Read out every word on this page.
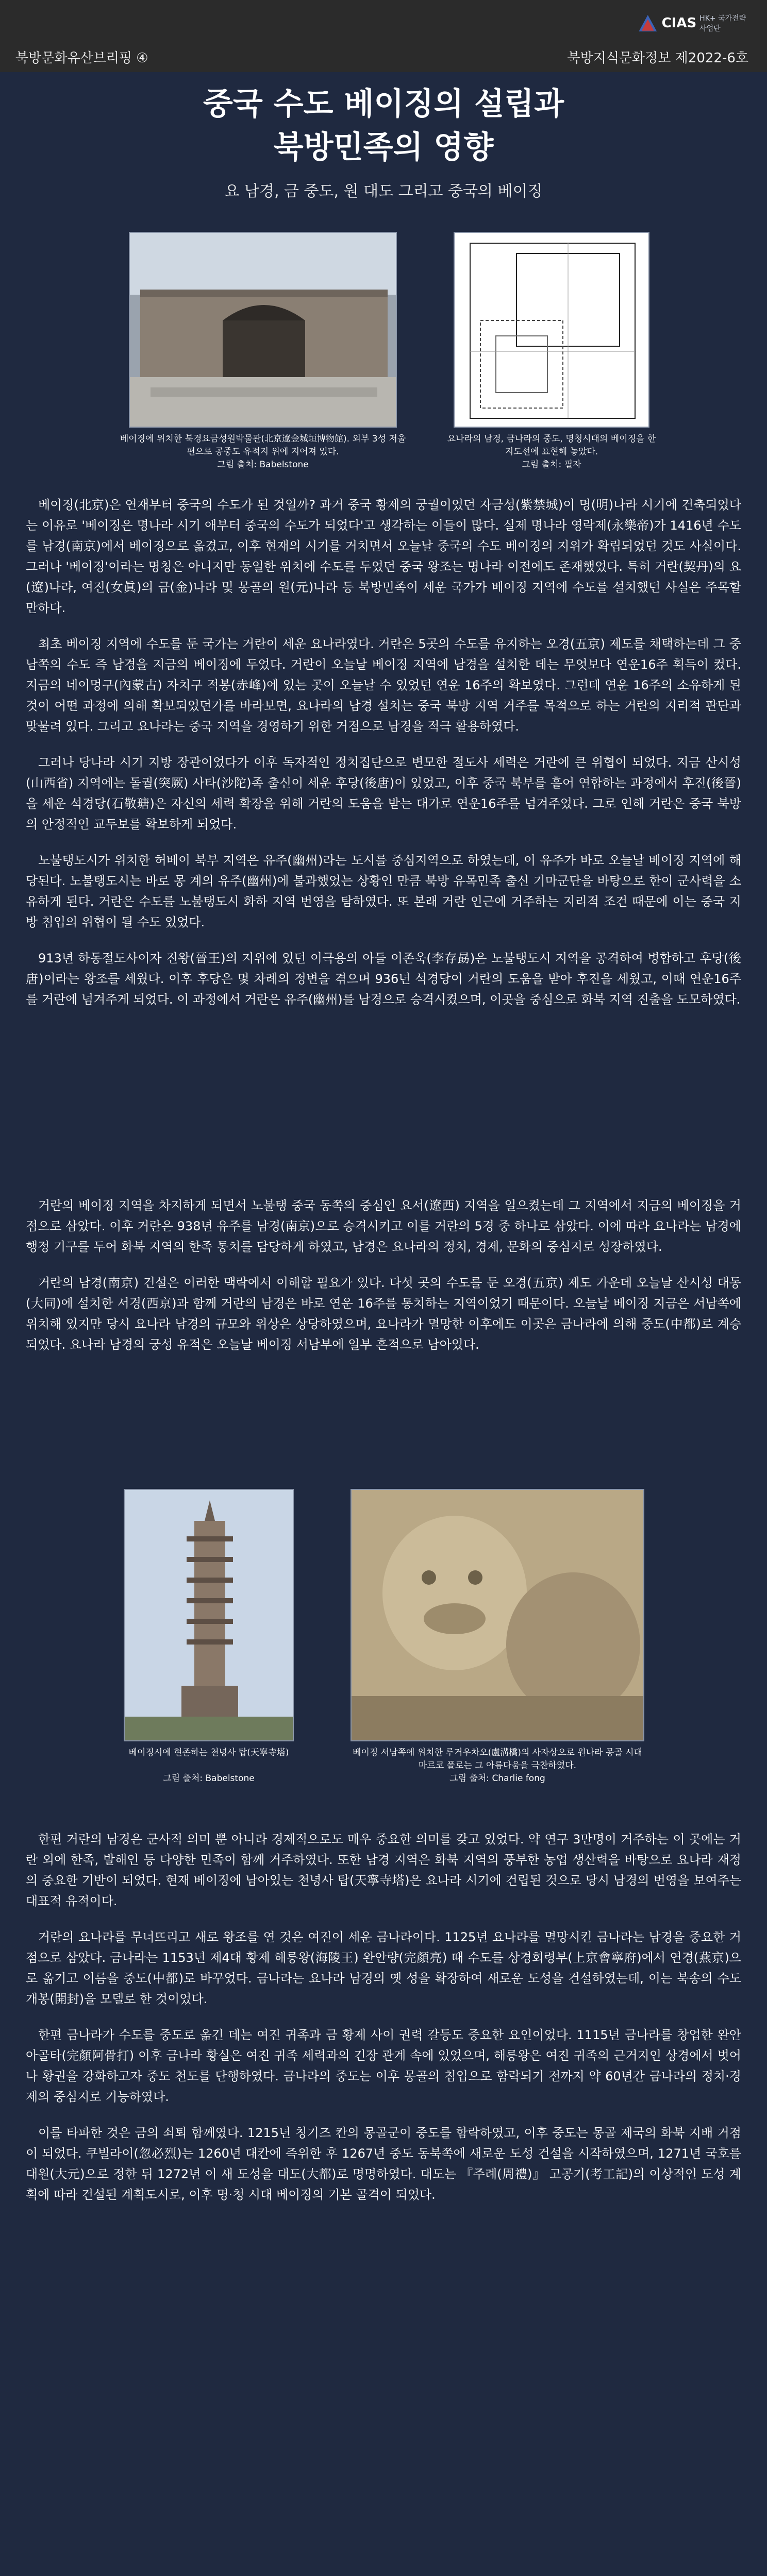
CIAS HK+ 국가전략사업단
북방문화유산브리핑 ④	북방지식문화정보 제2022-6호
중국 수도 베이징의 설립과
북방민족의 영향
요 남경, 금 중도, 원 대도 그리고 중국의 베이징
베이징에 위치한 북경요금성원박물관(北京遼金城垣博物館). 외부 3성 저울편으로 공중도 유적지 위에 지어져 있다.
그림 출처: Babelstone
요나라의 남경, 금나라의 중도, 명청시대의 베이징을 한 지도선에 표현해 놓았다.
그림 출처: 필자

베이징(北京)은 연재부터 중국의 수도가 된 것일까? 과거 중국 황제의 궁궐이었던 자금성(紫禁城)이 명(明)나라 시기에 건축되었다는 이유로 '베이징은 명나라 시기 애부터 중국의 수도가 되었다'고 생각하는 이들이 많다. 실제 명나라 영락제(永樂帝)가 1416년 수도를 남경(南京)에서 베이징으로 옮겼고, 이후 현재의 시기를 거치면서 오늘날 중국의 수도 베이징의 지위가 확립되었던 것도 사실이다. 그러나 '베이징'이라는 명칭은 아니지만 동일한 위치에 수도를 두었던 중국 왕조는 명나라 이전에도 존재했었다. 특히 거란(契丹)의 요(遼)나라, 여진(女眞)의 금(金)나라 및 몽골의 원(元)나라 등 북방민족이 세운 국가가 베이징 지역에 수도를 설치했던 사실은 주목할 만하다.

최초 베이징 지역에 수도를 둔 국가는 거란이 세운 요나라였다. 거란은 5곳의 수도를 유지하는 오경(五京) 제도를 채택하는데 그 중 남쪽의 수도 즉 남경을 지금의 베이징에 두었다. 거란이 오늘날 베이징 지역에 남경을 설치한 데는 무엇보다 연운16주 획득이 컸다. 지금의 네이멍구(內蒙古) 자치구 적봉(赤峰)에 있는 곳이 오늘날 수 있었던 연운 16주의 확보였다. 그런데 연운 16주의 소유하게 된 것이 어떤 과정에 의해 확보되었던가를 바라보면, 요나라의 남경 설치는 중국 북방 지역 거주를 목적으로 하는 거란의 지리적 판단과 맞물려 있다. 그리고 요나라는 중국 지역을 경영하기 위한 거점으로 남경을 적극 활용하였다.

그러나 당나라 시기 지방 장관이었다가 이후 독자적인 정치집단으로 변모한 절도사 세력은 거란에 큰 위협이 되었다. 지금 산시성(山西省) 지역에는 돌궐(突厥) 사타(沙陀)족 출신이 세운 후당(後唐)이 있었고, 이후 중국 북부를 흩어 연합하는 과정에서 후진(後晉)을 세운 석경당(石敬瑭)은 자신의 세력 확장을 위해 거란의 도움을 받는 대가로 연운16주를 넘겨주었다. 그로 인해 거란은 중국 북방의 안정적인 교두보를 확보하게 되었다.

노불탱도시가 위치한 허베이 북부 지역은 유주(幽州)라는 도시를 중심지역으로 하였는데, 이 유주가 바로 오늘날 베이징 지역에 해당된다. 노불탱도시는 바로 몽 계의 유주(幽州)에 불과했었는 상황인 만큼 북방 유목민족 출신 기마군단을 바탕으로 한이 군사력을 소유하게 된다. 거란은 수도를 노불탱도시 화하 지역 번영을 탐하였다. 또 본래 거란 인근에 거주하는 지리적 조건 때문에 이는 중국 지방 침입의 위협이 될 수도 있었다.

913년 하동절도사이자 진왕(晉王)의 지위에 있던 이극용의 아들 이존욱(李存勗)은 노불탱도시 지역을 공격하여 병합하고 후당(後唐)이라는 왕조를 세웠다. 이후 후당은 몇 차례의 정변을 겪으며 936년 석경당이 거란의 도움을 받아 후진을 세웠고, 이때 연운16주를 거란에 넘겨주게 되었다. 이 과정에서 거란은 유주(幽州)를 남경으로 승격시켰으며, 이곳을 중심으로 화북 지역 진출을 도모하였다.

거란의 베이징 지역을 차지하게 되면서 노불탱 중국 동쪽의 중심인 요서(遼西) 지역을 일으켰는데 그 지역에서 지금의 베이징을 거점으로 삼았다. 이후 거란은 938년 유주를 남경(南京)으로 승격시키고 이를 거란의 5경 중 하나로 삼았다. 이에 따라 요나라는 남경에 행정 기구를 두어 화북 지역의 한족 통치를 담당하게 하였고, 남경은 요나라의 정치, 경제, 문화의 중심지로 성장하였다.

거란의 남경(南京) 건설은 이러한 맥락에서 이해할 필요가 있다. 다섯 곳의 수도를 둔 오경(五京) 제도 가운데 오늘날 산시성 대동(大同)에 설치한 서경(西京)과 함께 거란의 남경은 바로 연운 16주를 통치하는 지역이었기 때문이다. 오늘날 베이징 지금은 서남쪽에 위치해 있지만 당시 요나라 남경의 규모와 위상은 상당하였으며, 요나라가 멸망한 이후에도 이곳은 금나라에 의해 중도(中都)로 계승되었다. 요나라 남경의 궁성 유적은 오늘날 베이징 서남부에 일부 흔적으로 남아있다.

베이징시에 현존하는 천녕사 탑(天寧寺塔)
그림 출처: Babelstone
베이징 서남쪽에 위치한 루거우차오(盧溝橋)의 사자상으로 원나라 몽골 시대 마르코 폴로는 그 아름다움을 극찬하였다.
그림 출처: Charlie fong

한편 거란의 남경은 군사적 의미 뿐 아니라 경제적으로도 매우 중요한 의미를 갖고 있었다. 약 연구 3만명이 거주하는 이 곳에는 거란 외에 한족, 발해인 등 다양한 민족이 함께 거주하였다. 또한 남경 지역은 화북 지역의 풍부한 농업 생산력을 바탕으로 요나라 재정의 중요한 기반이 되었다. 현재 베이징에 남아있는 천녕사 탑(天寧寺塔)은 요나라 시기에 건립된 것으로 당시 남경의 번영을 보여주는 대표적 유적이다.

거란의 요나라를 무너뜨리고 새로 왕조를 연 것은 여진이 세운 금나라이다. 1125년 요나라를 멸망시킨 금나라는 남경을 중요한 거점으로 삼았다. 금나라는 1153년 제4대 황제 해릉왕(海陵王) 완안량(完顏亮) 때 수도를 상경회령부(上京會寧府)에서 연경(燕京)으로 옮기고 이름을 중도(中都)로 바꾸었다. 금나라는 요나라 남경의 옛 성을 확장하여 새로운 도성을 건설하였는데, 이는 북송의 수도 개봉(開封)을 모델로 한 것이었다.

한편 금나라가 수도를 중도로 옮긴 데는 여진 귀족과 금 황제 사이 권력 갈등도 중요한 요인이었다. 1115년 금나라를 창업한 완안아골타(完顏阿骨打) 이후 금나라 황실은 여진 귀족 세력과의 긴장 관계 속에 있었으며, 해릉왕은 여진 귀족의 근거지인 상경에서 벗어나 황권을 강화하고자 중도 천도를 단행하였다. 금나라의 중도는 이후 몽골의 침입으로 함락되기 전까지 약 60년간 금나라의 정치·경제의 중심지로 기능하였다.

이를 타파한 것은 금의 쇠퇴 함께였다. 1215년 칭기즈 칸의 몽골군이 중도를 함락하였고, 이후 중도는 몽골 제국의 화북 지배 거점이 되었다. 쿠빌라이(忽必烈)는 1260년 대칸에 즉위한 후 1267년 중도 동북쪽에 새로운 도성 건설을 시작하였으며, 1271년 국호를 대원(大元)으로 정한 뒤 1272년 이 새 도성을 대도(大都)로 명명하였다. 대도는 『주례(周禮)』 고공기(考工記)의 이상적인 도성 계획에 따라 건설된 계획도시로, 이후 명·청 시대 베이징의 기본 골격이 되었다.
